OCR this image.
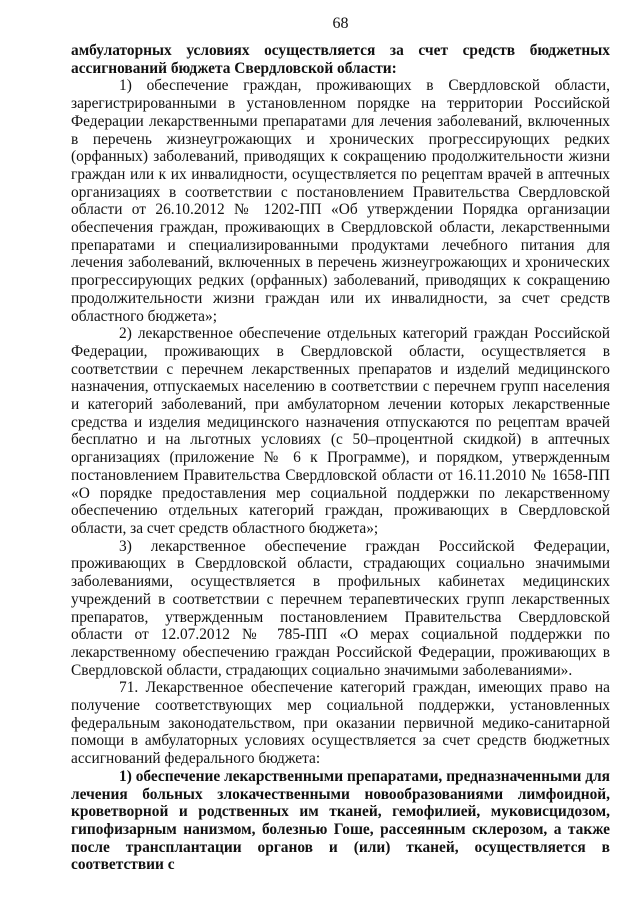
68

амбулаторных условиях осуществляется за счет средств бюджетных ассигнований бюджета Свердловской области:

1) обеспечение граждан, проживающих в Свердловской области, зарегистрированными в установленном порядке на территории Российской Федерации лекарственными препаратами для лечения заболеваний, включенных в перечень жизнеугрожающих и хронических прогрессирующих редких (орфанных) заболеваний, приводящих к сокращению продолжительности жизни граждан или к их инвалидности, осуществляется по рецептам врачей в аптечных организациях в соответствии с постановлением Правительства Свердловской области от 26.10.2012 № 1202-ПП «Об утверждении Порядка организации обеспечения граждан, проживающих в Свердловской области, лекарственными препаратами и специализированными продуктами лечебного питания для лечения заболеваний, включенных в перечень жизнеугрожающих и хронических прогрессирующих редких (орфанных) заболеваний, приводящих к сокращению продолжительности жизни граждан или их инвалидности, за счет средств областного бюджета»;

2) лекарственное обеспечение отдельных категорий граждан Российской Федерации, проживающих в Свердловской области, осуществляется в соответствии с перечнем лекарственных препаратов и изделий медицинского назначения, отпускаемых населению в соответствии с перечнем групп населения и категорий заболеваний, при амбулаторном лечении которых лекарственные средства и изделия медицинского назначения отпускаются по рецептам врачей бесплатно и на льготных условиях (с 50–процентной скидкой) в аптечных организациях (приложение № 6 к Программе), и порядком, утвержденным постановлением Правительства Свердловской области от 16.11.2010 № 1658-ПП «О порядке предоставления мер социальной поддержки по лекарственному обеспечению отдельных категорий граждан, проживающих в Свердловской области, за счет средств областного бюджета»;

3) лекарственное обеспечение граждан Российской Федерации, проживающих в Свердловской области, страдающих социально значимыми заболеваниями, осуществляется в профильных кабинетах медицинских учреждений в соответствии с перечнем терапевтических групп лекарственных препаратов, утвержденным постановлением Правительства Свердловской области от 12.07.2012 № 785-ПП «О мерах социальной поддержки по лекарственному обеспечению граждан Российской Федерации, проживающих в Свердловской области, страдающих социально значимыми заболеваниями».

71. Лекарственное обеспечение категорий граждан, имеющих право на получение соответствующих мер социальной поддержки, установленных федеральным законодательством, при оказании первичной медико-санитарной помощи в амбулаторных условиях осуществляется за счет средств бюджетных ассигнований федерального бюджета:

1) обеспечение лекарственными препаратами, предназначенными для лечения больных злокачественными новообразованиями лимфоидной, кроветворной и родственных им тканей, гемофилией, муковисцидозом, гипофизарным нанизмом, болезнью Гоше, рассеянным склерозом, а также после трансплантации органов и (или) тканей, осуществляется в соответствии с
